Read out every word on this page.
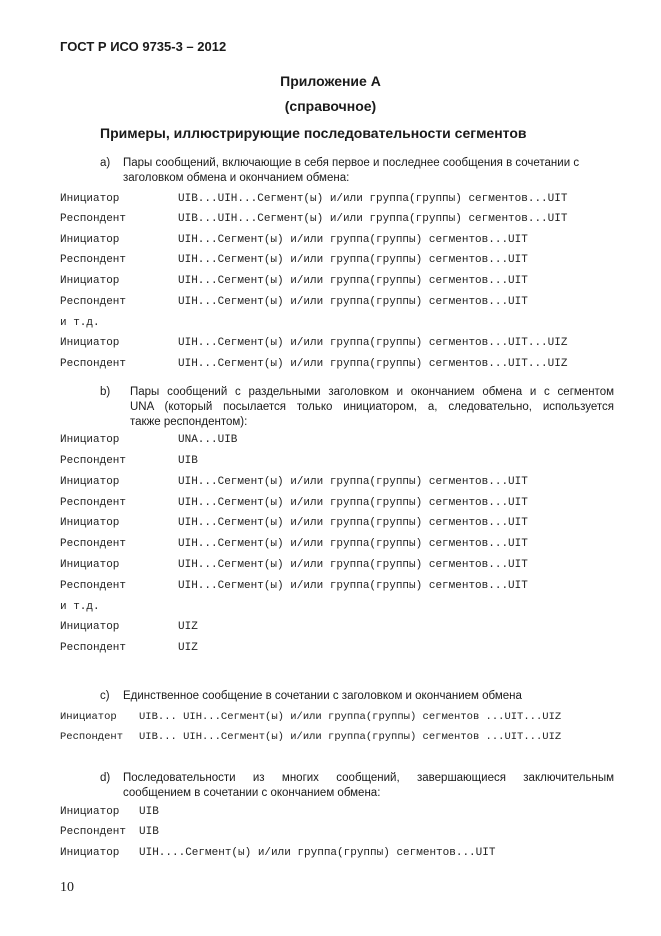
ГОСТ Р ИСО 9735-3 – 2012
Приложение А
(справочное)
Примеры, иллюстрирующие последовательности сегментов
a) Пары сообщений, включающие в себя первое и последнее сообщения в сочетании с
заголовком обмена и окончанием обмена:
Инициатор	UIB...UIH...Сегмент(ы) и/или группа(группы) сегментов...UIT
Респондент	UIB...UIH...Сегмент(ы) и/или группа(группы) сегментов...UIT
Инициатор	UIH...Сегмент(ы) и/или группа(группы) сегментов...UIT
Респондент	UIH...Сегмент(ы) и/или группа(группы) сегментов...UIT
Инициатор	UIH...Сегмент(ы) и/или группа(группы) сегментов...UIT
Респондент	UIH...Сегмент(ы) и/или группа(группы) сегментов...UIT
и т.д.
Инициатор	UIH...Сегмент(ы) и/или группа(группы) сегментов...UIT...UIZ
Респондент	UIH...Сегмент(ы) и/или группа(группы) сегментов...UIT...UIZ
b) Пары сообщений с раздельными заголовком и окончанием обмена и с сегментом
UNA (который посылается только инициатором, а, следовательно, используется
также респондентом):
Инициатор	UNA...UIB
Респондент	UIB
Инициатор	UIH...Сегмент(ы) и/или группа(группы) сегментов...UIT
Респондент	UIH...Сегмент(ы) и/или группа(группы) сегментов...UIT
Инициатор	UIH...Сегмент(ы) и/или группа(группы) сегментов...UIT
Респондент	UIH...Сегмент(ы) и/или группа(группы) сегментов...UIT
Инициатор	UIH...Сегмент(ы) и/или группа(группы) сегментов...UIT
Респондент	UIH...Сегмент(ы) и/или группа(группы) сегментов...UIT
и т.д.
Инициатор	UIZ
Респондент	UIZ
c) Единственное сообщение в сочетании с заголовком и окончанием обмена
Инициатор UIB... UIH...Сегмент(ы) и/или группа(группы) сегментов ...UIT...UIZ
Респондент UIB... UIH...Сегмент(ы) и/или группа(группы) сегментов ...UIT...UIZ
d) Последовательности из многих сообщений, завершающиеся заключительным
сообщением в сочетании с окончанием обмена:
Инициатор UIB
Респондент UIB
Инициатор UIH....Сегмент(ы) и/или группа(группы) сегментов...UIT
10
